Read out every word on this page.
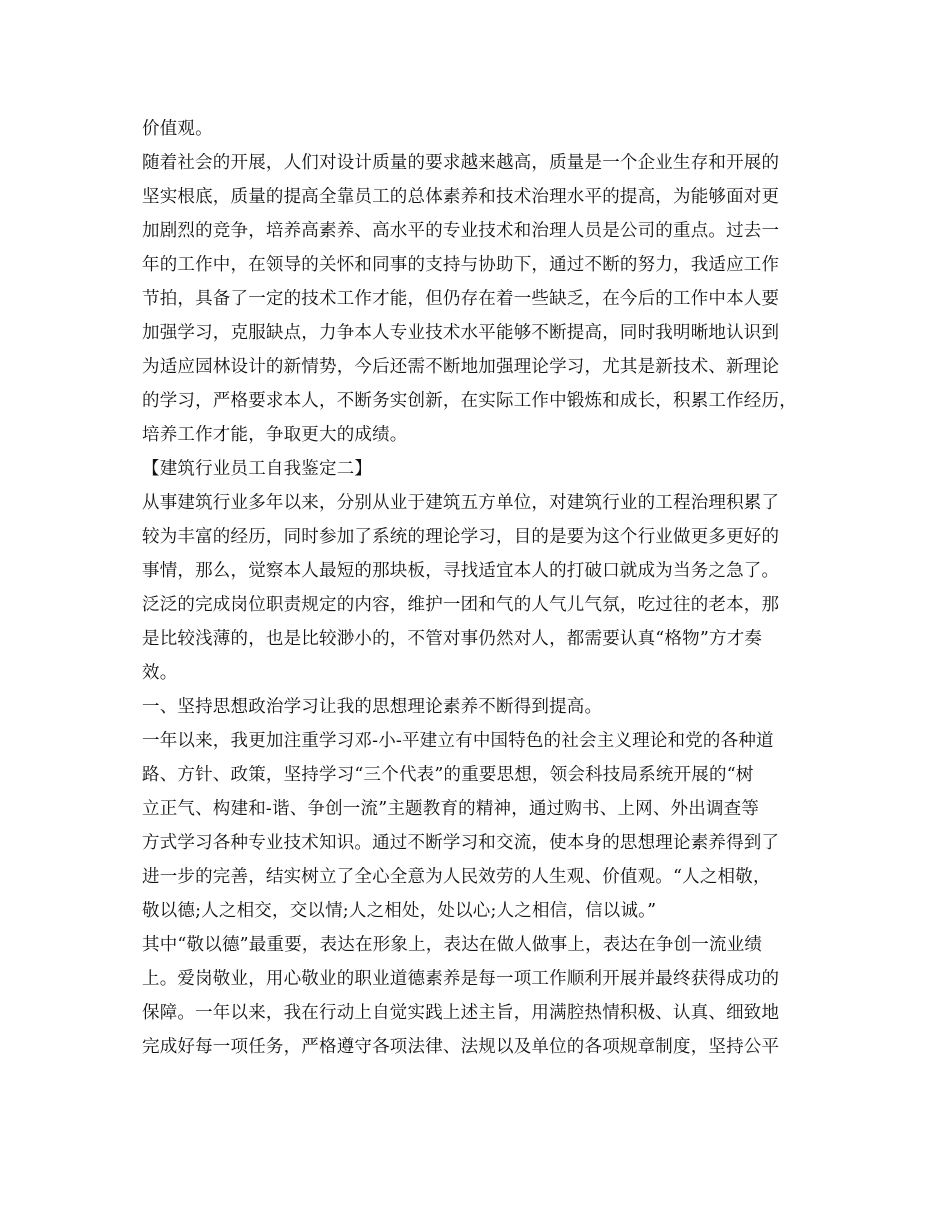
价值观。
随着社会的开展，人们对设计质量的要求越来越高，质量是一个企业生存和开展的
坚实根底，质量的提高全靠员工的总体素养和技术治理水平的提高，为能够面对更
加剧烈的竞争，培养高素养、高水平的专业技术和治理人员是公司的重点。过去一
年的工作中，在领导的关怀和同事的支持与协助下，通过不断的努力，我适应工作
节拍，具备了一定的技术工作才能，但仍存在着一些缺乏，在今后的工作中本人要
加强学习，克服缺点，力争本人专业技术水平能够不断提高，同时我明晰地认识到
为适应园林设计的新情势，今后还需不断地加强理论学习，尤其是新技术、新理论
的学习，严格要求本人，不断务实创新，在实际工作中锻炼和成长，积累工作经历，
培养工作才能，争取更大的成绩。
【建筑行业员工自我鉴定二】
从事建筑行业多年以来，分别从业于建筑五方单位，对建筑行业的工程治理积累了
较为丰富的经历，同时参加了系统的理论学习，目的是要为这个行业做更多更好的
事情，那么，觉察本人最短的那块板，寻找适宜本人的打破口就成为当务之急了。
泛泛的完成岗位职责规定的内容，维护一团和气的人气儿气氛，吃过往的老本，那
是比较浅薄的，也是比较渺小的，不管对事仍然对人，都需要认真“格物”方才奏
效。
一、坚持思想政治学习让我的思想理论素养不断得到提高。
一年以来，我更加注重学习邓-小-平建立有中国特色的社会主义理论和党的各种道
路、方针、政策，坚持学习“三个代表”的重要思想，领会科技局系统开展的“树
立正气、构建和-谐、争创一流”主题教育的精神，通过购书、上网、外出调查等
方式学习各种专业技术知识。通过不断学习和交流，使本身的思想理论素养得到了
进一步的完善，结实树立了全心全意为人民效劳的人生观、价值观。“人之相敬，
敬以德;人之相交，交以情;人之相处，处以心;人之相信，信以诚。”
其中“敬以德”最重要，表达在形象上，表达在做人做事上，表达在争创一流业绩
上。爱岗敬业，用心敬业的职业道德素养是每一项工作顺利开展并最终获得成功的
保障。一年以来，我在行动上自觉实践上述主旨，用满腔热情积极、认真、细致地
完成好每一项任务，严格遵守各项法律、法规以及单位的各项规章制度，坚持公平
